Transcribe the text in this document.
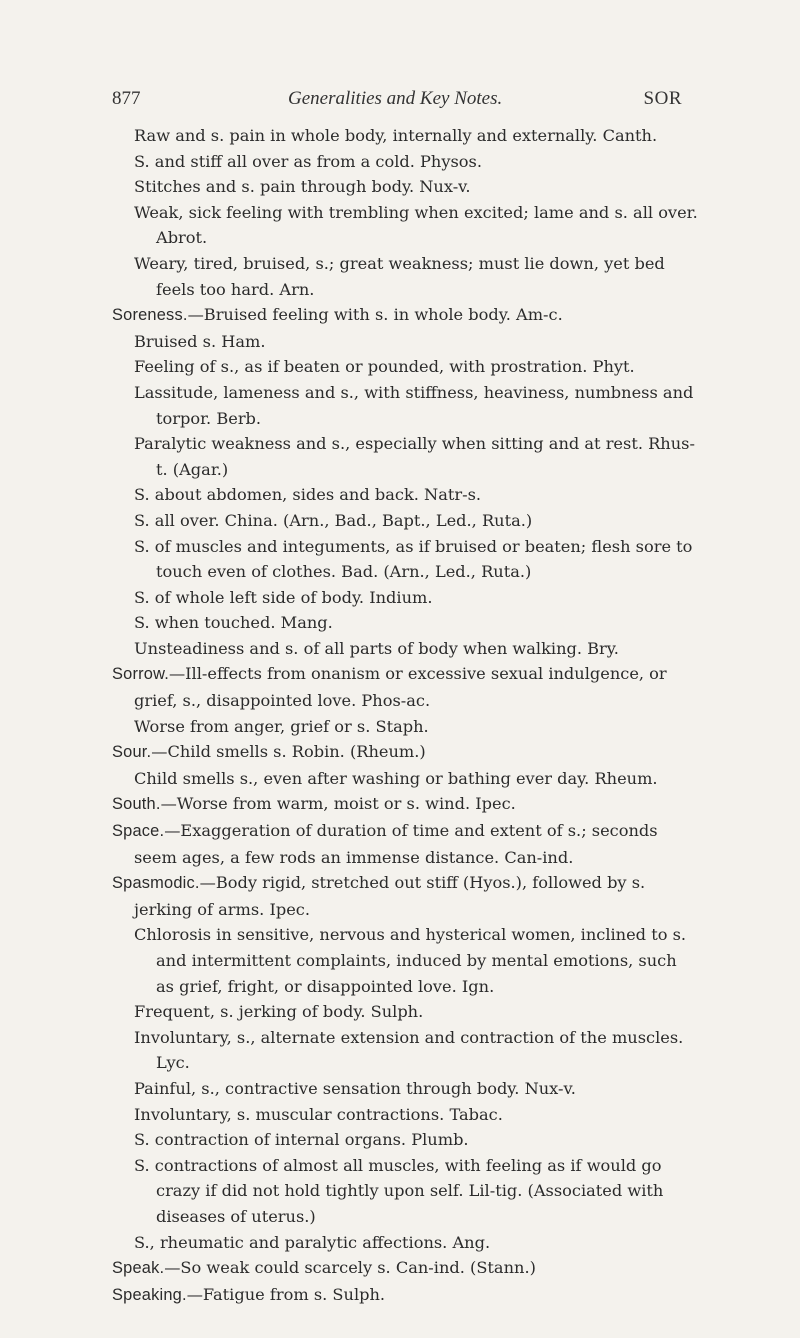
877	Generalities and Key Notes.	SOR

Raw and s. pain in whole body, internally and externally. Canth.

S. and stiff all over as from a cold. Physos.

Stitches and s. pain through body. Nux-v.

Weak, sick feeling with trembling when excited; lame and s. all over. Abrot.

Weary, tired, bruised, s.; great weakness; must lie down, yet bed feels too hard. Arn.

Soreness.—Bruised feeling with s. in whole body. Am-c.

Bruised s. Ham.

Feeling of s., as if beaten or pounded, with prostration. Phyt.

Lassitude, lameness and s., with stiffness, heaviness, numbness and torpor. Berb.

Paralytic weakness and s., especially when sitting and at rest. Rhus-t. (Agar.)

S. about abdomen, sides and back. Natr-s.

S. all over. China. (Arn., Bad., Bapt., Led., Ruta.)

S. of muscles and integuments, as if bruised or beaten; flesh sore to touch even of clothes. Bad. (Arn., Led., Ruta.)

S. of whole left side of body. Indium.

S. when touched. Mang.

Unsteadiness and s. of all parts of body when walking. Bry.

Sorrow.—Ill-effects from onanism or excessive sexual indulgence, or grief, s., disappointed love. Phos-ac.

Worse from anger, grief or s. Staph.

Sour.—Child smells s. Robin. (Rheum.)

Child smells s., even after washing or bathing ever day. Rheum.

South.—Worse from warm, moist or s. wind. Ipec.

Space.—Exaggeration of duration of time and extent of s.; seconds seem ages, a few rods an immense distance. Can-ind.

Spasmodic.—Body rigid, stretched out stiff (Hyos.), followed by s. jerking of arms. Ipec.

Chlorosis in sensitive, nervous and hysterical women, inclined to s. and intermittent complaints, induced by mental emotions, such as grief, fright, or disappointed love. Ign.

Frequent, s. jerking of body. Sulph.

Involuntary, s., alternate extension and contraction of the muscles. Lyc.

Painful, s., contractive sensation through body. Nux-v.

Involuntary, s. muscular contractions. Tabac.

S. contraction of internal organs. Plumb.

S. contractions of almost all muscles, with feeling as if would go crazy if did not hold tightly upon self. Lil-tig. (Associated with diseases of uterus.)

S., rheumatic and paralytic affections. Ang.

Speak.—So weak could scarcely s. Can-ind. (Stann.)

Speaking.—Fatigue from s. Sulph.
